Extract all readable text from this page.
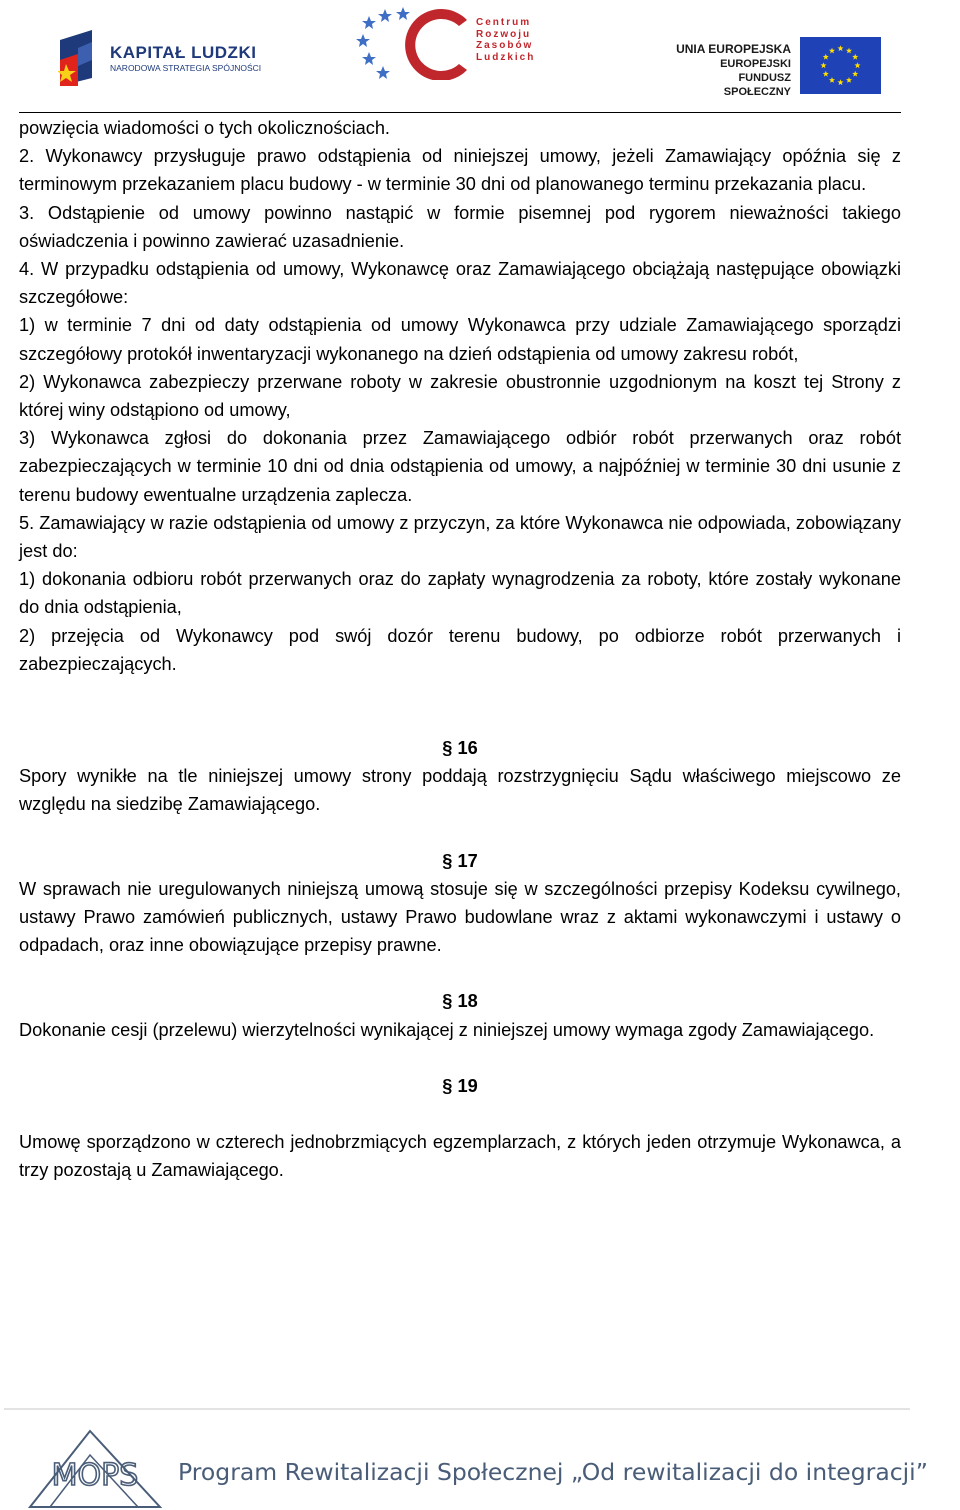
KAPITAŁ LUDZKI
NARODOWA STRATEGIA SPÓJNOŚCI
Centrum
Rozwoju
Zasobów
Ludzkich
UNIA EUROPEJSKA
EUROPEJSKI
FUNDUSZ SPOŁECZNY

powzięcia wiadomości o tych okolicznościach.

2. Wykonawcy przysługuje prawo odstąpienia od niniejszej umowy, jeżeli Zamawiający opóźnia się z terminowym przekazaniem placu budowy - w terminie 30 dni od planowanego terminu przekazania placu.

3. Odstąpienie od umowy powinno nastąpić w formie pisemnej pod rygorem nieważności takiego oświadczenia i powinno zawierać uzasadnienie.

4. W przypadku odstąpienia od umowy, Wykonawcę oraz Zamawiającego obciążają następujące obowiązki szczegółowe:

1) w terminie 7 dni od daty odstąpienia od umowy Wykonawca przy udziale Zamawiającego sporządzi szczegółowy protokół inwentaryzacji wykonanego na dzień odstąpienia od umowy zakresu robót,

2) Wykonawca zabezpieczy przerwane roboty w zakresie obustronnie uzgodnionym na koszt tej Strony z której winy odstąpiono od umowy,

3) Wykonawca zgłosi do dokonania przez Zamawiającego odbiór robót przerwanych oraz robót zabezpieczających w terminie 10 dni od dnia odstąpienia od umowy, a najpóźniej w terminie 30 dni usunie z terenu budowy ewentualne urządzenia zaplecza.

5. Zamawiający w razie odstąpienia od umowy z przyczyn, za które Wykonawca nie odpowiada, zobowiązany jest do:

1) dokonania odbioru robót przerwanych oraz do zapłaty wynagrodzenia za roboty, które zostały wykonane do dnia odstąpienia,

2) przejęcia od Wykonawcy pod swój dozór terenu budowy, po odbiorze robót przerwanych i zabezpieczających.

§ 16

Spory wynikłe na tle niniejszej umowy strony poddają rozstrzygnięciu Sądu właściwego miejscowo ze względu na siedzibę Zamawiającego.

§ 17

W sprawach nie uregulowanych niniejszą umową stosuje się w szczególności przepisy Kodeksu cywilnego, ustawy Prawo zamówień publicznych, ustawy Prawo budowlane wraz z aktami wykonawczymi i ustawy o odpadach, oraz inne obowiązujące przepisy prawne.

§ 18

Dokonanie cesji (przelewu) wierzytelności wynikającej z niniejszej umowy wymaga zgody Zamawiającego.

§ 19

Umowę sporządzono w czterech jednobrzmiących egzemplarzach, z których jeden otrzymuje Wykonawca, a trzy pozostają u Zamawiającego.

MOPS Program Rewitalizacji Społecznej „Od rewitalizacji do integracji”
